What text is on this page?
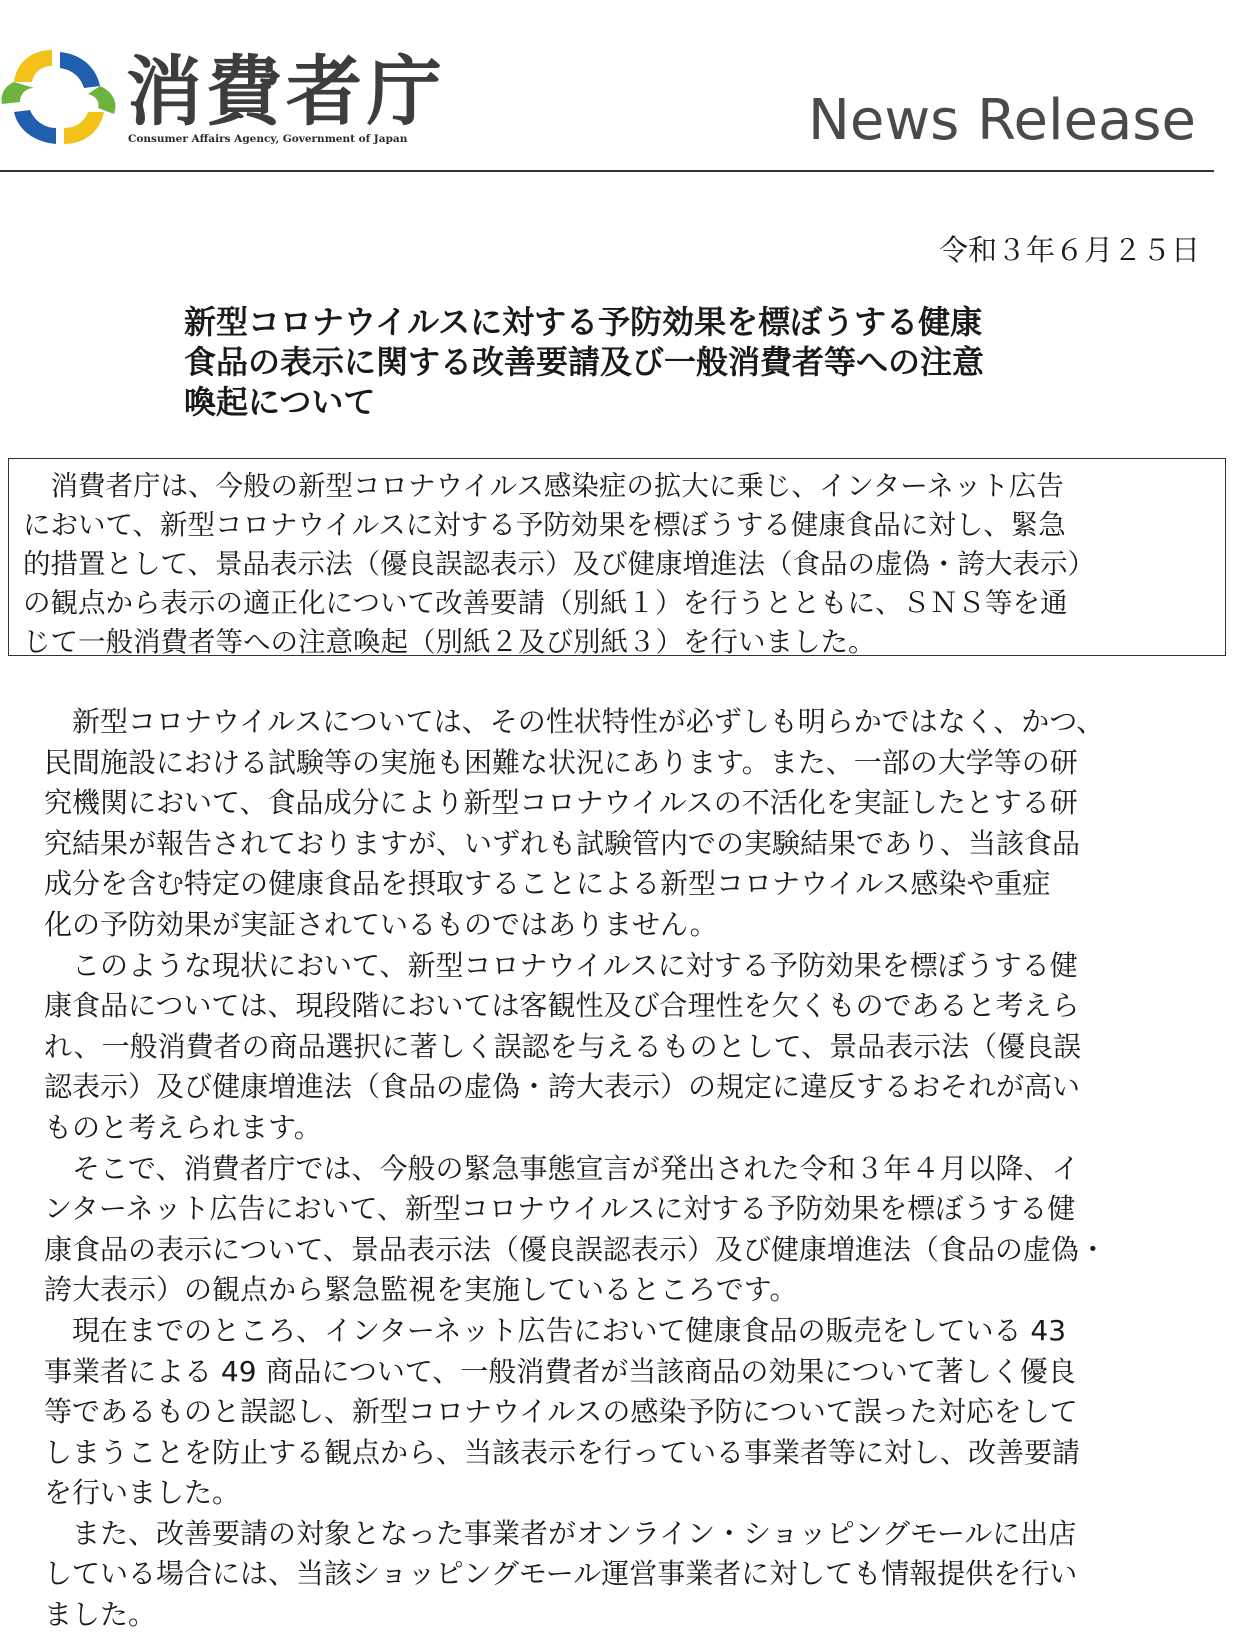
消費者庁
Consumer Affairs Agency, Government of Japan	News Release
令和３年６月２５日
新型コロナウイルスに対する予防効果を標ぼうする健康
食品の表示に関する改善要請及び一般消費者等への注意
喚起について
　消費者庁は、今般の新型コロナウイルス感染症の拡大に乗じ、インターネット広告
において、新型コロナウイルスに対する予防効果を標ぼうする健康食品に対し、緊急
的措置として、景品表示法（優良誤認表示）及び健康増進法（食品の虚偽・誇大表示）
の観点から表示の適正化について改善要請（別紙１）を行うとともに、ＳＮＳ等を通
じて一般消費者等への注意喚起（別紙２及び別紙３）を行いました。
　新型コロナウイルスについては、その性状特性が必ずしも明らかではなく、かつ、
民間施設における試験等の実施も困難な状況にあります。また、一部の大学等の研
究機関において、食品成分により新型コロナウイルスの不活化を実証したとする研
究結果が報告されておりますが、いずれも試験管内での実験結果であり、当該食品
成分を含む特定の健康食品を摂取することによる新型コロナウイルス感染や重症
化の予防効果が実証されているものではありません。
　このような現状において、新型コロナウイルスに対する予防効果を標ぼうする健
康食品については、現段階においては客観性及び合理性を欠くものであると考えら
れ、一般消費者の商品選択に著しく誤認を与えるものとして、景品表示法（優良誤
認表示）及び健康増進法（食品の虚偽・誇大表示）の規定に違反するおそれが高い
ものと考えられます。
　そこで、消費者庁では、今般の緊急事態宣言が発出された令和３年４月以降、イ
ンターネット広告において、新型コロナウイルスに対する予防効果を標ぼうする健
康食品の表示について、景品表示法（優良誤認表示）及び健康増進法（食品の虚偽・
誇大表示）の観点から緊急監視を実施しているところです。
　現在までのところ、インターネット広告において健康食品の販売をしている 43
事業者による 49 商品について、一般消費者が当該商品の効果について著しく優良
等であるものと誤認し、新型コロナウイルスの感染予防について誤った対応をして
しまうことを防止する観点から、当該表示を行っている事業者等に対し、改善要請
を行いました。
　また、改善要請の対象となった事業者がオンライン・ショッピングモールに出店
している場合には、当該ショッピングモール運営事業者に対しても情報提供を行い
ました。
